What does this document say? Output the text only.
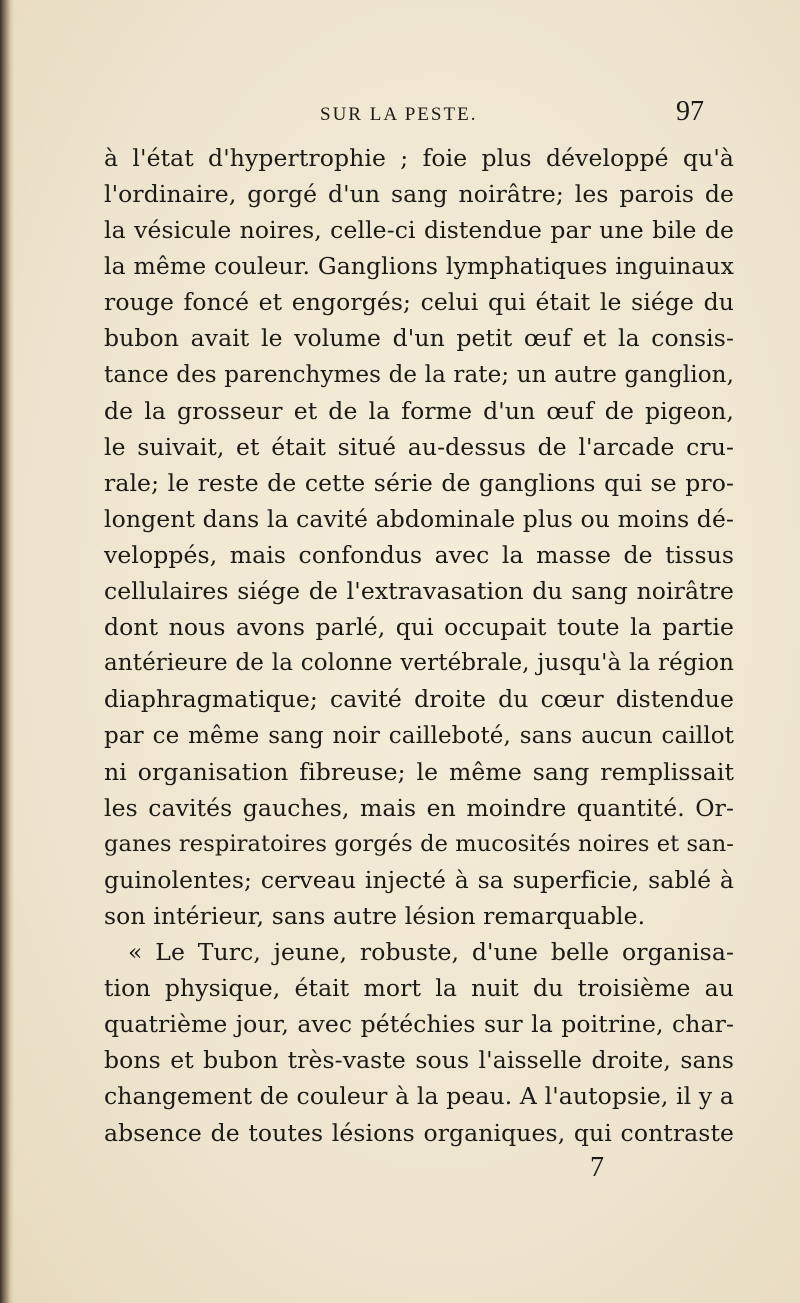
SUR LA PESTE.	97
à l'état d'hypertrophie ; foie plus développé qu'à
l'ordinaire, gorgé d'un sang noirâtre; les parois de
la vésicule noires, celle-ci distendue par une bile de
la même couleur. Ganglions lymphatiques inguinaux
rouge foncé et engorgés; celui qui était le siége du
bubon avait le volume d'un petit œuf et la consis-
tance des parenchymes de la rate; un autre ganglion,
de la grosseur et de la forme d'un œuf de pigeon,
le suivait, et était situé au-dessus de l'arcade cru-
rale; le reste de cette série de ganglions qui se pro-
longent dans la cavité abdominale plus ou moins dé-
veloppés, mais confondus avec la masse de tissus
cellulaires siége de l'extravasation du sang noirâtre
dont nous avons parlé, qui occupait toute la partie
antérieure de la colonne vertébrale, jusqu'à la région
diaphragmatique; cavité droite du cœur distendue
par ce même sang noir caillеboté, sans aucun caillot
ni organisation fibreuse; le même sang remplissait
les cavités gauches, mais en moindre quantité. Or-
ganes respiratoires gorgés de mucosités noires et san-
guinolentes; cerveau injecté à sa superficie, sablé à
son intérieur, sans autre lésion remarquable.
« Le Turc, jeune, robuste, d'une belle organisa-
tion physique, était mort la nuit du troisième au
quatrième jour, avec pétéchies sur la poitrine, char-
bons et bubon très-vaste sous l'aisselle droite, sans
changement de couleur à la peau. A l'autopsie, il y a
absence de toutes lésions organiques, qui contraste
7
